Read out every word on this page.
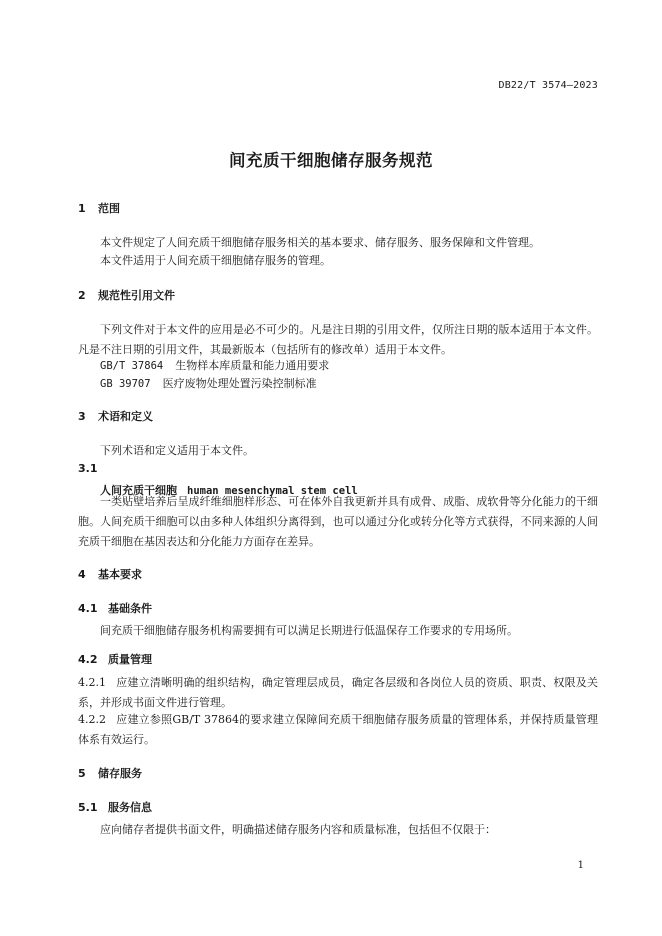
DB22/T 3574—2023
间充质干细胞储存服务规范
1 范围
本文件规定了人间充质干细胞储存服务相关的基本要求、储存服务、服务保障和文件管理。
本文件适用于人间充质干细胞储存服务的管理。
2 规范性引用文件
下列文件对于本文件的应用是必不可少的。凡是注日期的引用文件，仅所注日期的版本适用于本文件。凡是不注日期的引用文件，其最新版本（包括所有的修改单）适用于本文件。
GB/T 37864 生物样本库质量和能力通用要求
GB 39707 医疗废物处理处置污染控制标准
3 术语和定义
下列术语和定义适用于本文件。
3.1
人间充质干细胞 human mesenchymal stem cell
一类贴壁培养后呈成纤维细胞样形态、可在体外自我更新并具有成骨、成脂、成软骨等分化能力的干细胞。人间充质干细胞可以由多种人体组织分离得到，也可以通过分化或转分化等方式获得，不同来源的人间充质干细胞在基因表达和分化能力方面存在差异。
4 基本要求
4.1 基础条件
间充质干细胞储存服务机构需要拥有可以满足长期进行低温保存工作要求的专用场所。
4.2 质量管理
4.2.1 应建立清晰明确的组织结构，确定管理层成员，确定各层级和各岗位人员的资质、职责、权限及关系，并形成书面文件进行管理。
4.2.2 应建立参照GB/T 37864的要求建立保障间充质干细胞储存服务质量的管理体系，并保持质量管理体系有效运行。
5 储存服务
5.1 服务信息
应向储存者提供书面文件，明确描述储存服务内容和质量标准，包括但不仅限于：
1
